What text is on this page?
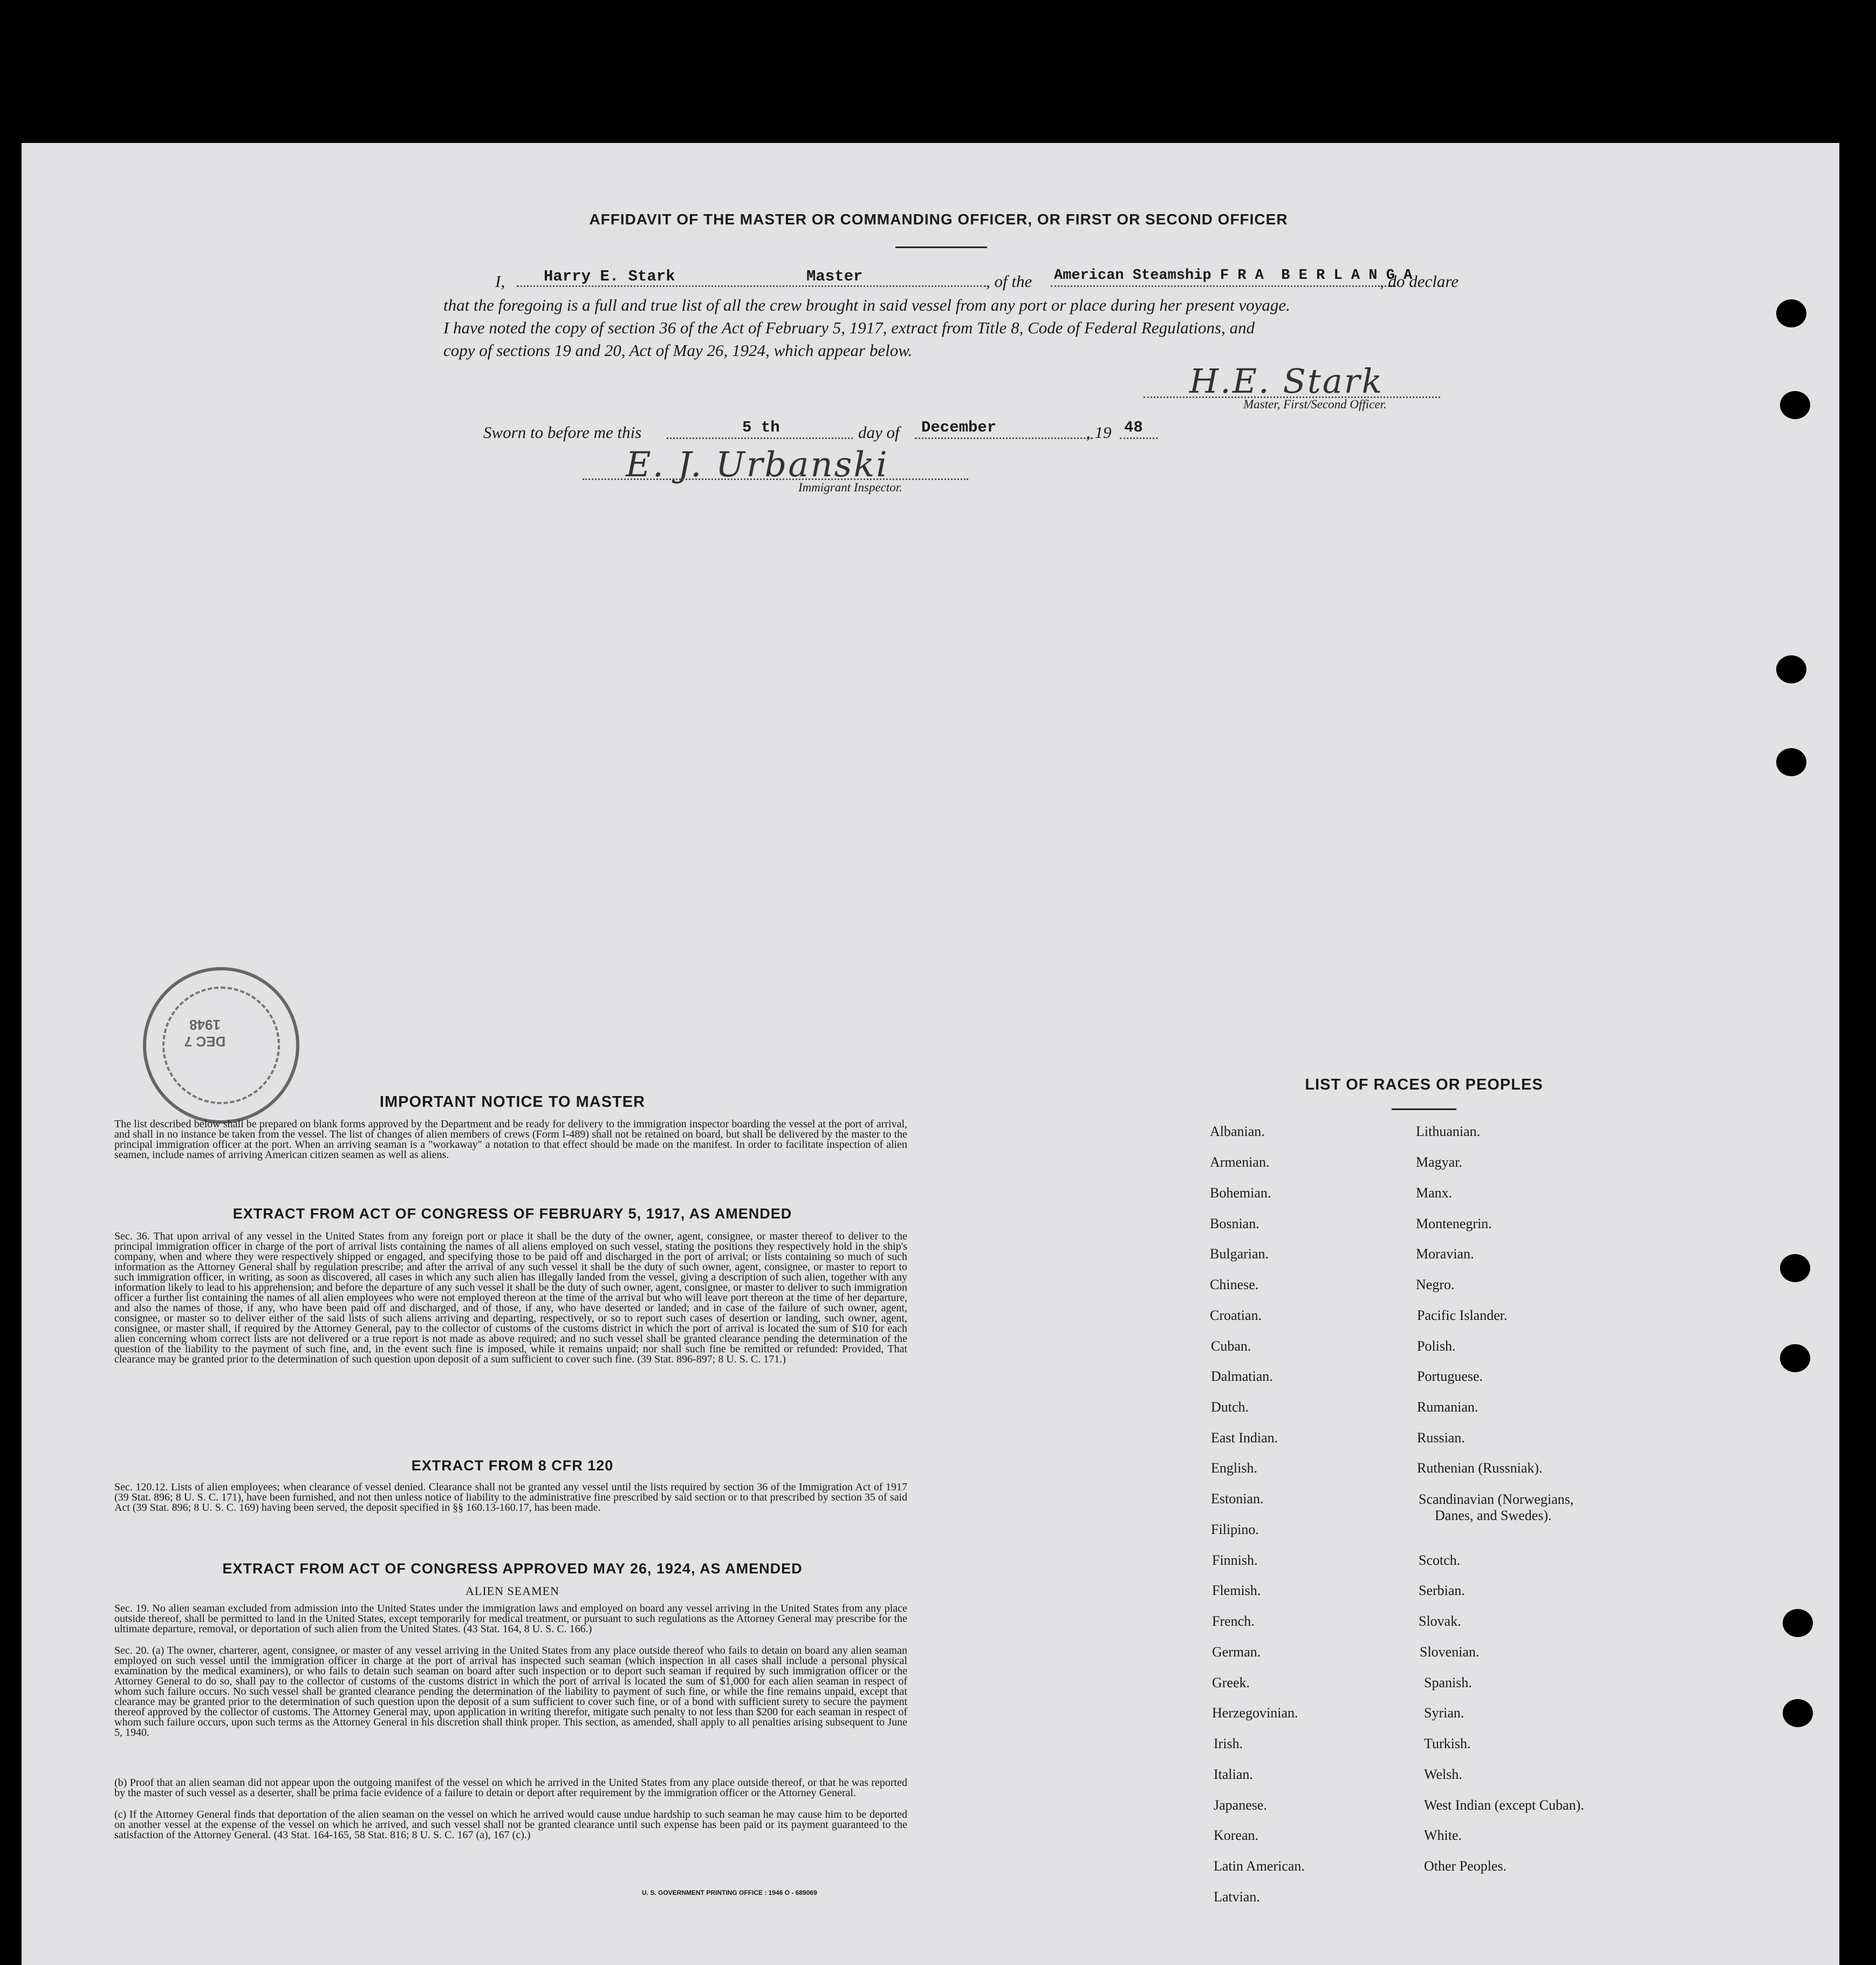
AFFIDAVIT OF THE MASTER OR COMMANDING OFFICER, OR FIRST OR SECOND OFFICER
I, Harry E. Stark	Master	, of the American Steamship F R A  B E R L A N G A
, do declare
that the foregoing is a full and true list of all the crew brought in said vessel from any port or place during her present voyage.
I have noted the copy of section 36 of the Act of February 5, 1917, extract from Title 8, Code of Federal Regulations, and
copy of sections 19 and 20, Act of May 26, 1924, which appear below.
H.E. Stark
Master, First/Second Officer.
Sworn to before me this	5 th	day of December	, 19 48
E. J. Urbanski
Immigrant Inspector.
DEC 7 1948
IMPORTANT NOTICE TO MASTER
The list described below shall be prepared on blank forms approved by the Department and be ready for delivery to the immigration inspector boarding the vessel at the port of arrival, and shall in no instance be taken from the vessel. The list of changes of alien members of crews (Form I-489) shall not be retained on board, but shall be delivered by the master to the principal immigration officer at the port. When an arriving seaman is a "workaway" a notation to that effect should be made on the manifest. In order to facilitate inspection of alien seamen, include names of arriving American citizen seamen as well as aliens.
EXTRACT FROM ACT OF CONGRESS OF FEBRUARY 5, 1917, AS AMENDED
Sec. 36. That upon arrival of any vessel in the United States from any foreign port or place it shall be the duty of the owner, agent, consignee, or master thereof to deliver to the principal immigration officer in charge of the port of arrival lists containing the names of all aliens employed on such vessel, stating the positions they respectively hold in the ship's company, when and where they were respectively shipped or engaged, and specifying those to be paid off and discharged in the port of arrival; or lists containing so much of such information as the Attorney General shall by regulation prescribe; and after the arrival of any such vessel it shall be the duty of such owner, agent, consignee, or master to report to such immigration officer, in writing, as soon as discovered, all cases in which any such alien has illegally landed from the vessel, giving a description of such alien, together with any information likely to lead to his apprehension; and before the departure of any such vessel it shall be the duty of such owner, agent, consignee, or master to deliver to such immigration officer a further list containing the names of all alien employees who were not employed thereon at the time of the arrival but who will leave port thereon at the time of her departure, and also the names of those, if any, who have been paid off and discharged, and of those, if any, who have deserted or landed; and in case of the failure of such owner, agent, consignee, or master so to deliver either of the said lists of such aliens arriving and departing, respectively, or so to report such cases of desertion or landing, such owner, agent, consignee, or master shall, if required by the Attorney General, pay to the collector of customs of the customs district in which the port of arrival is located the sum of $10 for each alien concerning whom correct lists are not delivered or a true report is not made as above required; and no such vessel shall be granted clearance pending the determination of the question of the liability to the payment of such fine, and, in the event such fine is imposed, while it remains unpaid; nor shall such fine be remitted or refunded: Provided, That clearance may be granted prior to the determination of such question upon deposit of a sum sufficient to cover such fine. (39 Stat. 896-897; 8 U. S. C. 171.)
EXTRACT FROM 8 CFR 120
Sec. 120.12. Lists of alien employees; when clearance of vessel denied. Clearance shall not be granted any vessel until the lists required by section 36 of the Immigration Act of 1917 (39 Stat. 896; 8 U. S. C. 171), have been furnished, and not then unless notice of liability to the administrative fine prescribed by said section or to that prescribed by section 35 of said Act (39 Stat. 896; 8 U. S. C. 169) having been served, the deposit specified in §§ 160.13-160.17, has been made.
EXTRACT FROM ACT OF CONGRESS APPROVED MAY 26, 1924, AS AMENDED
ALIEN SEAMEN
Sec. 19. No alien seaman excluded from admission into the United States under the immigration laws and employed on board any vessel arriving in the United States from any place outside thereof, shall be permitted to land in the United States, except temporarily for medical treatment, or pursuant to such regulations as the Attorney General may prescribe for the ultimate departure, removal, or deportation of such alien from the United States. (43 Stat. 164, 8 U. S. C. 166.)
Sec. 20. (a) The owner, charterer, agent, consignee, or master of any vessel arriving in the United States from any place outside thereof who fails to detain on board any alien seaman employed on such vessel until the immigration officer in charge at the port of arrival has inspected such seaman (which inspection in all cases shall include a personal physical examination by the medical examiners), or who fails to detain such seaman on board after such inspection or to deport such seaman if required by such immigration officer or the Attorney General to do so, shall pay to the collector of customs of the customs district in which the port of arrival is located the sum of $1,000 for each alien seaman in respect of whom such failure occurs. No such vessel shall be granted clearance pending the determination of the liability to payment of such fine, or while the fine remains unpaid, except that clearance may be granted prior to the determination of such question upon the deposit of a sum sufficient to cover such fine, or of a bond with sufficient surety to secure the payment thereof approved by the collector of customs. The Attorney General may, upon application in writing therefor, mitigate such penalty to not less than $200 for each seaman in respect of whom such failure occurs, upon such terms as the Attorney General in his discretion shall think proper. This section, as amended, shall apply to all penalties arising subsequent to June 5, 1940.
(b) Proof that an alien seaman did not appear upon the outgoing manifest of the vessel on which he arrived in the United States from any place outside thereof, or that he was reported by the master of such vessel as a deserter, shall be prima facie evidence of a failure to detain or deport after requirement by the immigration officer or the Attorney General.
(c) If the Attorney General finds that deportation of the alien seaman on the vessel on which he arrived would cause undue hardship to such seaman he may cause him to be deported on another vessel at the expense of the vessel on which he arrived, and such vessel shall not be granted clearance until such expense has been paid or its payment guaranteed to the satisfaction of the Attorney General. (43 Stat. 164-165, 58 Stat. 816; 8 U. S. C. 167 (a), 167 (c).)
U. S. GOVERNMENT PRINTING OFFICE : 1946 O - 689069
LIST OF RACES OR PEOPLES
Albanian.
Armenian.
Bohemian.
Bosnian.
Bulgarian.
Chinese.
Croatian.
Cuban.
Dalmatian.
Dutch.
East Indian.
English.
Estonian.
Filipino.
Finnish.
Flemish.
French.
German.
Greek.
Herzegovinian.
Irish.
Italian.
Japanese.
Korean.
Latin American.
Latvian.
Lithuanian.
Magyar.
Manx.
Montenegrin.
Moravian.
Negro.
Pacific Islander.
Polish.
Portuguese.
Rumanian.
Russian.
Ruthenian (Russniak).
Scandinavian (Norwegians,
Danes, and Swedes).
Scotch.
Serbian.
Slovak.
Slovenian.
Spanish.
Syrian.
Turkish.
Welsh.
West Indian (except Cuban).
White.
Other Peoples.
